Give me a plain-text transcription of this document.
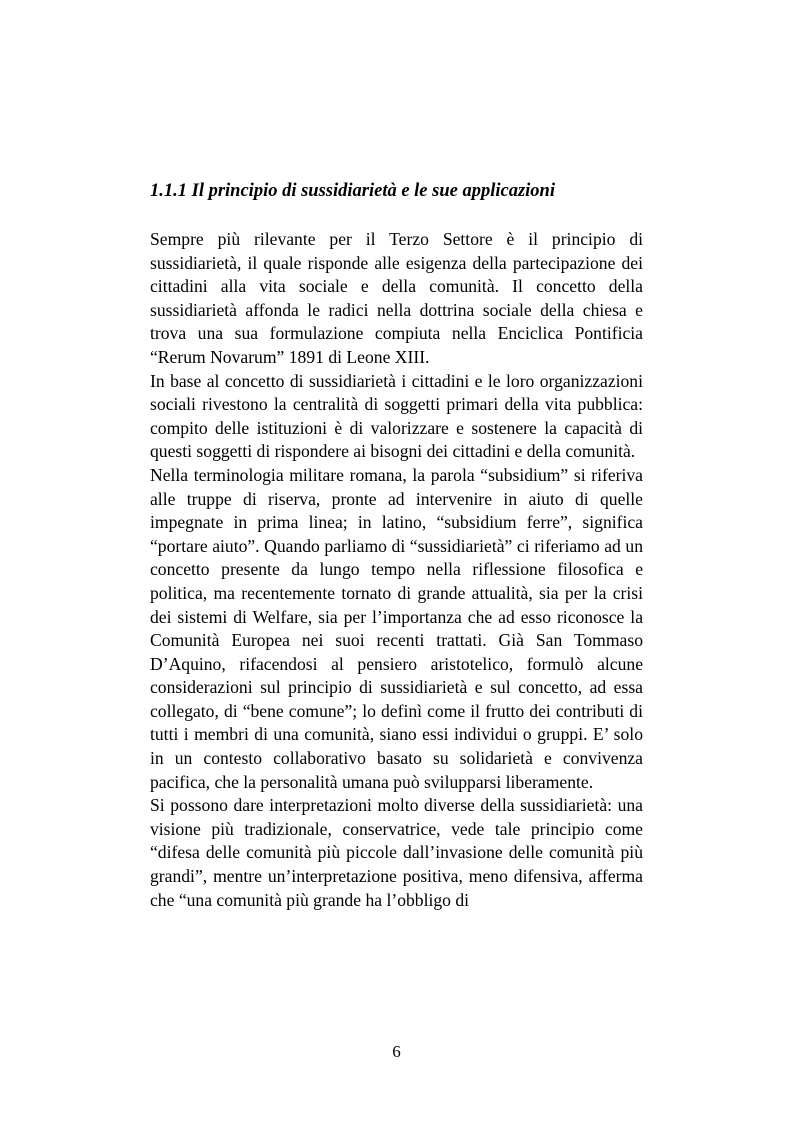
1.1.1 Il principio di sussidiarietà e le sue applicazioni

Sempre più rilevante per il Terzo Settore è il principio di sussidiarietà, il quale risponde alle esigenza della partecipazione dei cittadini alla vita sociale e della comunità. Il concetto della sussidiarietà affonda le radici nella dottrina sociale della chiesa e trova una sua formulazione compiuta nella Enciclica Pontificia “Rerum Novarum” 1891 di Leone XIII.

In base al concetto di sussidiarietà i cittadini e le loro organizzazioni sociali rivestono la centralità di soggetti primari della vita pubblica: compito delle istituzioni è di valorizzare e sostenere la capacità di questi soggetti di rispondere ai bisogni dei cittadini e della comunità.

Nella terminologia militare romana, la parola “subsidium” si riferiva alle truppe di riserva, pronte ad intervenire in aiuto di quelle impegnate in prima linea; in latino, “subsidium ferre”, significa “portare aiuto”. Quando parliamo di “sussidiarietà” ci riferiamo ad un concetto presente da lungo tempo nella riflessione filosofica e politica, ma recentemente tornato di grande attualità, sia per la crisi dei sistemi di Welfare, sia per l’importanza che ad esso riconosce la Comunità Europea nei suoi recenti trattati. Già San Tommaso D’Aquino, rifacendosi al pensiero aristotelico, formulò alcune considerazioni sul principio di sussidiarietà e sul concetto, ad essa collegato, di “bene comune”; lo definì come il frutto dei contributi di tutti i membri di una comunità, siano essi individui o gruppi. E’ solo in un contesto collaborativo basato su solidarietà e convivenza pacifica, che la personalità umana può svilupparsi liberamente.

Si possono dare interpretazioni molto diverse della sussidiarietà: una visione più tradizionale, conservatrice, vede tale principio come “difesa delle comunità più piccole dall’invasione delle comunità più grandi”, mentre un’interpretazione positiva, meno difensiva, afferma che “una comunità più grande ha l’obbligo di

6
